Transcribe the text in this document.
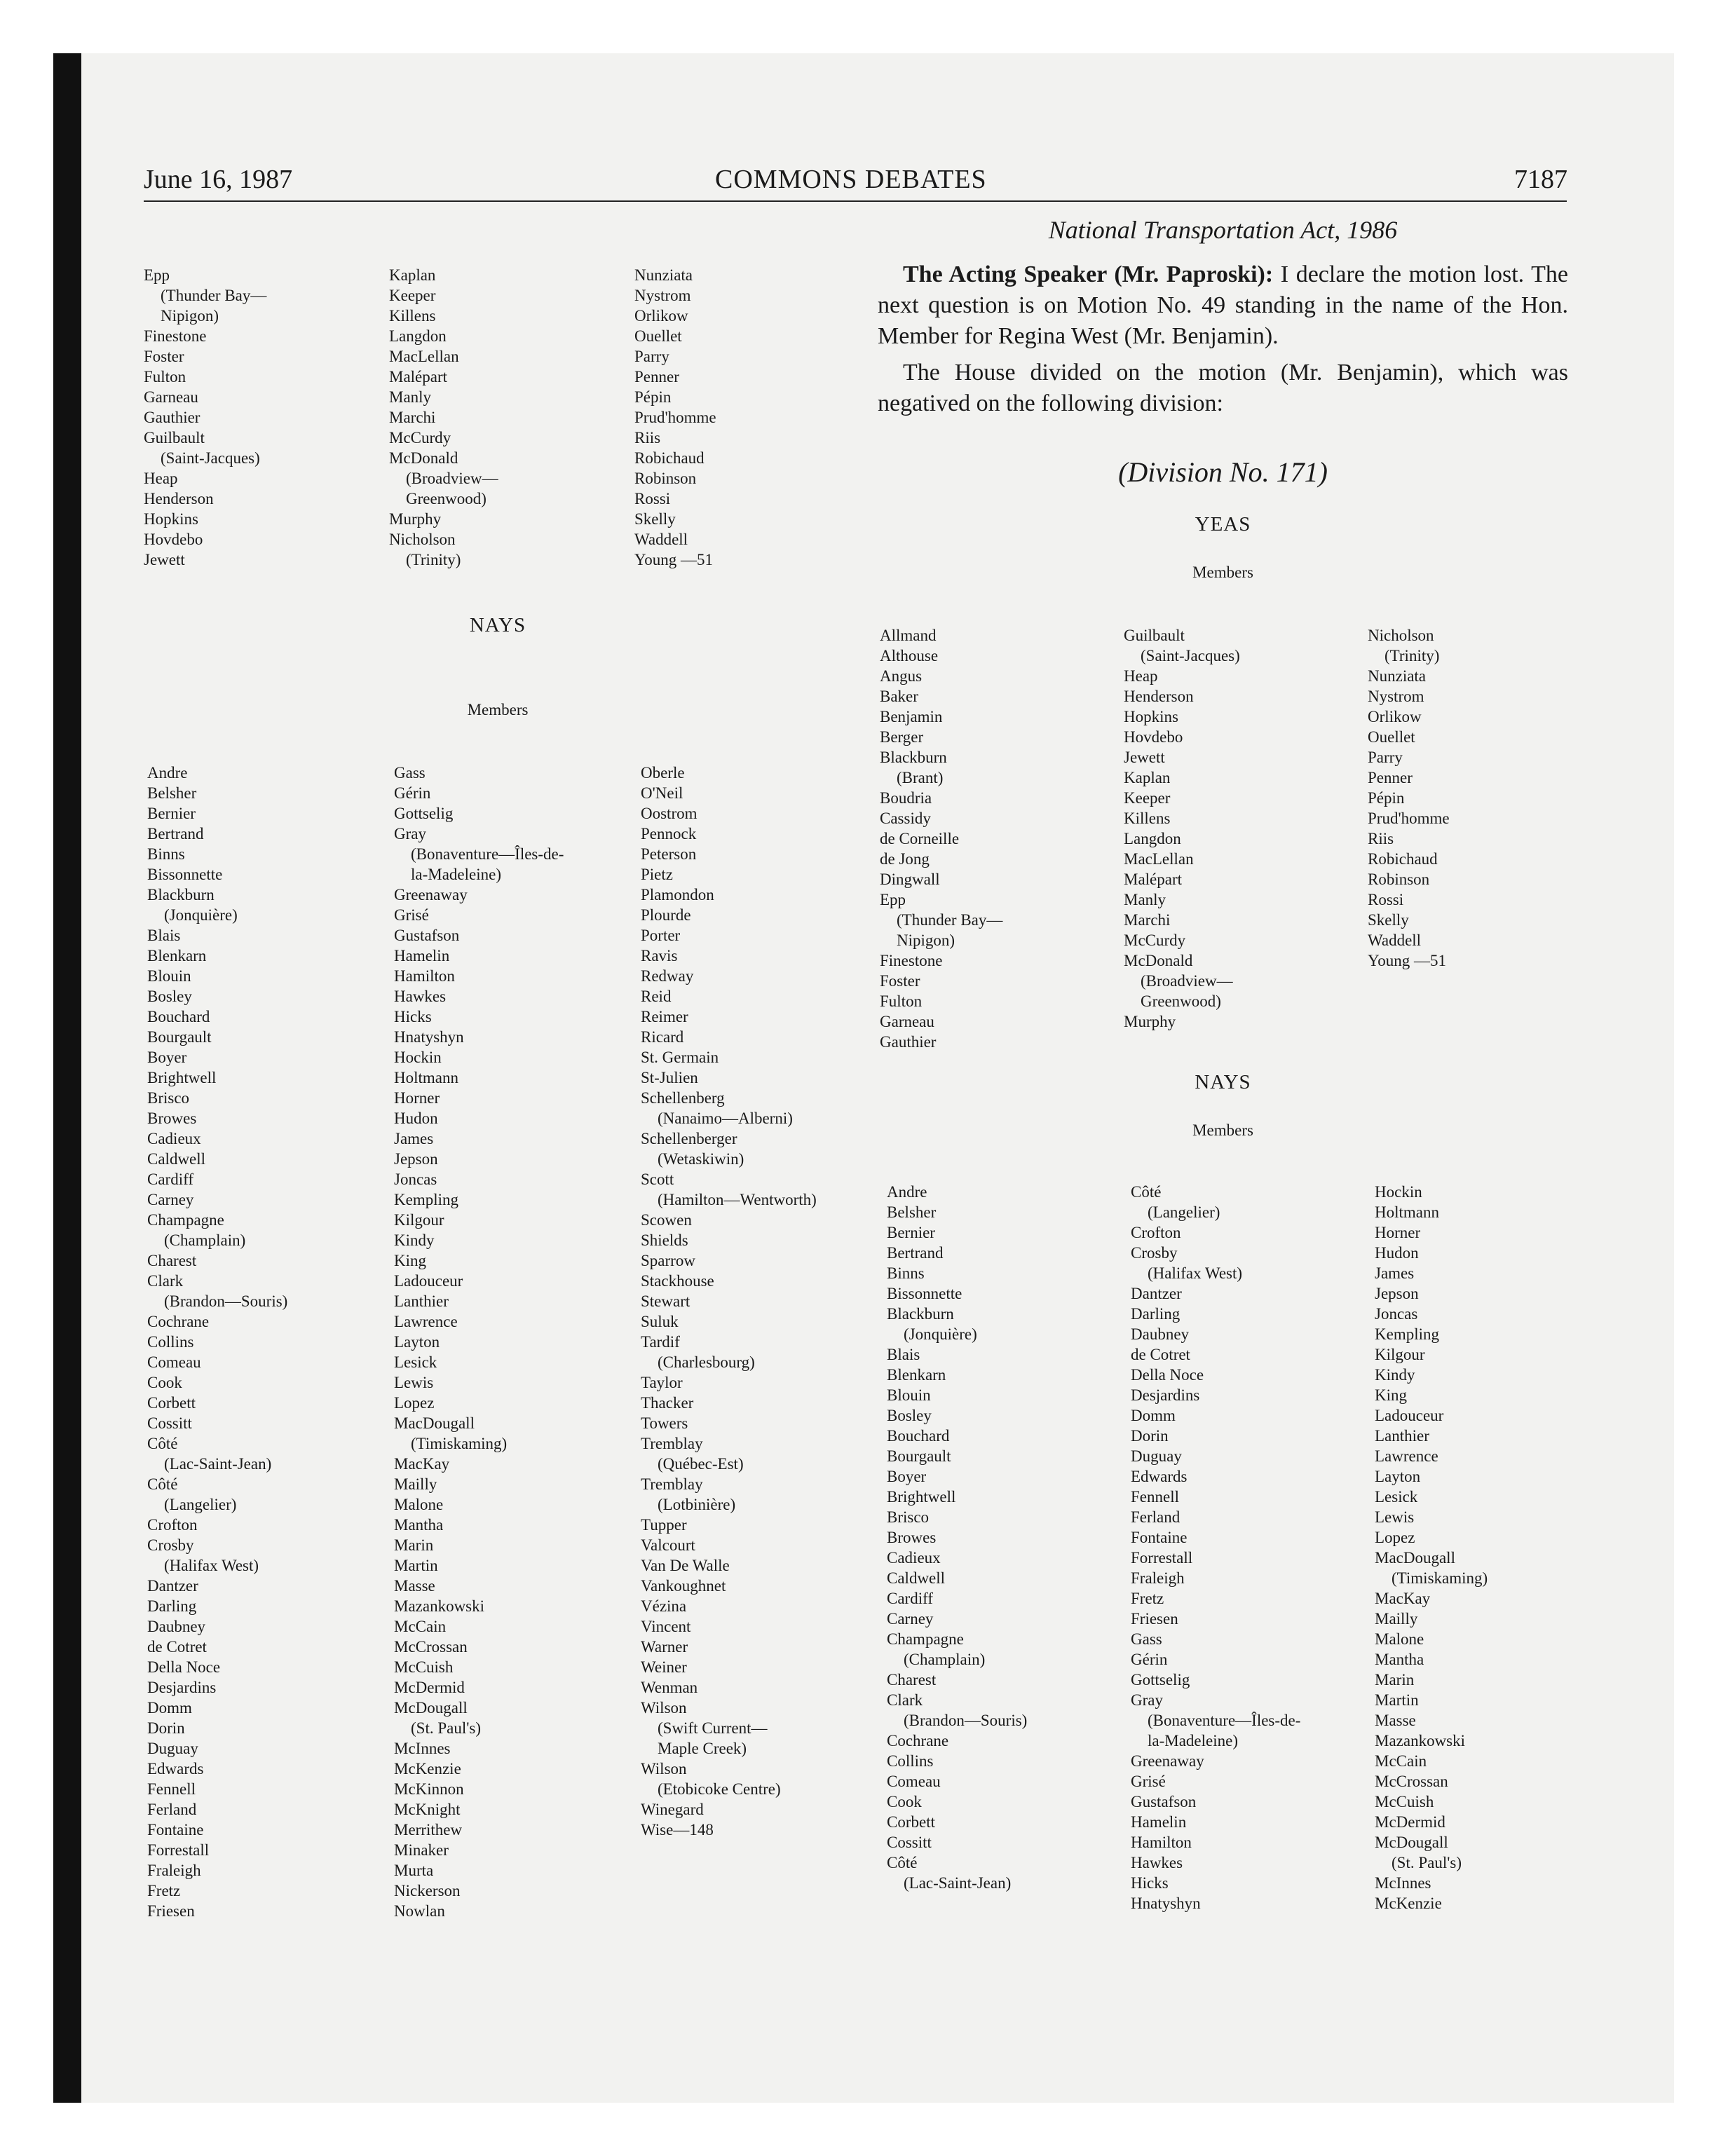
June 16, 1987	COMMONS DEBATES	7187
Epp
(Thunder Bay—
Nipigon)
Finestone
Foster
Fulton
Garneau
Gauthier
Guilbault
(Saint-Jacques)
Heap
Henderson
Hopkins
Hovdebo
Jewett
Kaplan
Keeper
Killens
Langdon
MacLellan
Malépart
Manly
Marchi
McCurdy
McDonald
(Broadview—
Greenwood)
Murphy
Nicholson
(Trinity)
Nunziata
Nystrom
Orlikow
Ouellet
Parry
Penner
Pépin
Prud'homme
Riis
Robichaud
Robinson
Rossi
Skelly
Waddell
Young —51
NAYS
Members
Andre
Belsher
Bernier
Bertrand
Binns
Bissonnette
Blackburn
(Jonquière)
Blais
Blenkarn
Blouin
Bosley
Bouchard
Bourgault
Boyer
Brightwell
Brisco
Browes
Cadieux
Caldwell
Cardiff
Carney
Champagne
(Champlain)
Charest
Clark
(Brandon—Souris)
Cochrane
Collins
Comeau
Cook
Corbett
Cossitt
Côté
(Lac-Saint-Jean)
Côté
(Langelier)
Crofton
Crosby
(Halifax West)
Dantzer
Darling
Daubney
de Cotret
Della Noce
Desjardins
Domm
Dorin
Duguay
Edwards
Fennell
Ferland
Fontaine
Forrestall
Fraleigh
Fretz
Friesen
Gass
Gérin
Gottselig
Gray
(Bonaventure—Îles-de-
la-Madeleine)
Greenaway
Grisé
Gustafson
Hamelin
Hamilton
Hawkes
Hicks
Hnatyshyn
Hockin
Holtmann
Horner
Hudon
James
Jepson
Joncas
Kempling
Kilgour
Kindy
King
Ladouceur
Lanthier
Lawrence
Layton
Lesick
Lewis
Lopez
MacDougall
(Timiskaming)
MacKay
Mailly
Malone
Mantha
Marin
Martin
Masse
Mazankowski
McCain
McCrossan
McCuish
McDermid
McDougall
(St. Paul's)
McInnes
McKenzie
McKinnon
McKnight
Merrithew
Minaker
Murta
Nickerson
Nowlan
Oberle
O'Neil
Oostrom
Pennock
Peterson
Pietz
Plamondon
Plourde
Porter
Ravis
Redway
Reid
Reimer
Ricard
St. Germain
St-Julien
Schellenberg
(Nanaimo—Alberni)
Schellenberger
(Wetaskiwin)
Scott
(Hamilton—Wentworth)
Scowen
Shields
Sparrow
Stackhouse
Stewart
Suluk
Tardif
(Charlesbourg)
Taylor
Thacker
Towers
Tremblay
(Québec-Est)
Tremblay
(Lotbinière)
Tupper
Valcourt
Van De Walle
Vankoughnet
Vézina
Vincent
Warner
Weiner
Wenman
Wilson
(Swift Current—
Maple Creek)
Wilson
(Etobicoke Centre)
Winegard
Wise—148
National Transportation Act, 1986

The Acting Speaker (Mr. Paproski): I declare the motion lost. The next question is on Motion No. 49 standing in the name of the Hon. Member for Regina West (Mr. Benjamin).

The House divided on the motion (Mr. Benjamin), which was negatived on the following division:

(Division No. 171)
YEAS
Members
Allmand
Althouse
Angus
Baker
Benjamin
Berger
Blackburn
(Brant)
Boudria
Cassidy
de Corneille
de Jong
Dingwall
Epp
(Thunder Bay—
Nipigon)
Finestone
Foster
Fulton
Garneau
Gauthier
Guilbault
(Saint-Jacques)
Heap
Henderson
Hopkins
Hovdebo
Jewett
Kaplan
Keeper
Killens
Langdon
MacLellan
Malépart
Manly
Marchi
McCurdy
McDonald
(Broadview—
Greenwood)
Murphy
Nicholson
(Trinity)
Nunziata
Nystrom
Orlikow
Ouellet
Parry
Penner
Pépin
Prud'homme
Riis
Robichaud
Robinson
Rossi
Skelly
Waddell
Young —51
NAYS
Members
Andre
Belsher
Bernier
Bertrand
Binns
Bissonnette
Blackburn
(Jonquière)
Blais
Blenkarn
Blouin
Bosley
Bouchard
Bourgault
Boyer
Brightwell
Brisco
Browes
Cadieux
Caldwell
Cardiff
Carney
Champagne
(Champlain)
Charest
Clark
(Brandon—Souris)
Cochrane
Collins
Comeau
Cook
Corbett
Cossitt
Côté
(Lac-Saint-Jean)
Côté
(Langelier)
Crofton
Crosby
(Halifax West)
Dantzer
Darling
Daubney
de Cotret
Della Noce
Desjardins
Domm
Dorin
Duguay
Edwards
Fennell
Ferland
Fontaine
Forrestall
Fraleigh
Fretz
Friesen
Gass
Gérin
Gottselig
Gray
(Bonaventure—Îles-de-
la-Madeleine)
Greenaway
Grisé
Gustafson
Hamelin
Hamilton
Hawkes
Hicks
Hnatyshyn
Hockin
Holtmann
Horner
Hudon
James
Jepson
Joncas
Kempling
Kilgour
Kindy
King
Ladouceur
Lanthier
Lawrence
Layton
Lesick
Lewis
Lopez
MacDougall
(Timiskaming)
MacKay
Mailly
Malone
Mantha
Marin
Martin
Masse
Mazankowski
McCain
McCrossan
McCuish
McDermid
McDougall
(St. Paul's)
McInnes
McKenzie
